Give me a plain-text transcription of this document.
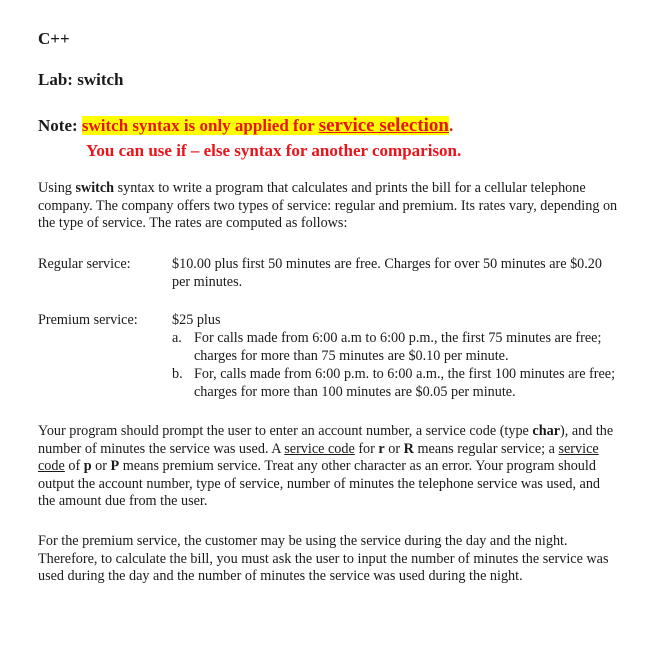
C++
Lab: switch
Note: switch syntax is only applied for service selection.
You can use if – else syntax for another comparison.

Using switch syntax to write a program that calculates and prints the bill for a cellular telephone company. The company offers two types of service: regular and premium. Its rates vary, depending on the type of service. The rates are computed as follows:

Regular service:	$10.00 plus first 50 minutes are free. Charges for over 50 minutes are $0.20 per minutes.
Premium service: $25 plus
a. For calls made from 6:00 a.m to 6:00 p.m., the first 75 minutes are free; charges for more than 75 minutes are $0.10 per minute.
b. For, calls made from 6:00 p.m. to 6:00 a.m., the first 100 minutes are free; charges for more than 100 minutes are $0.05 per minute.

Your program should prompt the user to enter an account number, a service code (type char), and the number of minutes the service was used. A service code for r or R means regular service; a service code of p or P means premium service. Treat any other character as an error. Your program should output the account number, type of service, number of minutes the telephone service was used, and the amount due from the user.

For the premium service, the customer may be using the service during the day and the night. Therefore, to calculate the bill, you must ask the user to input the number of minutes the service was used during the day and the number of minutes the service was used during the night.
